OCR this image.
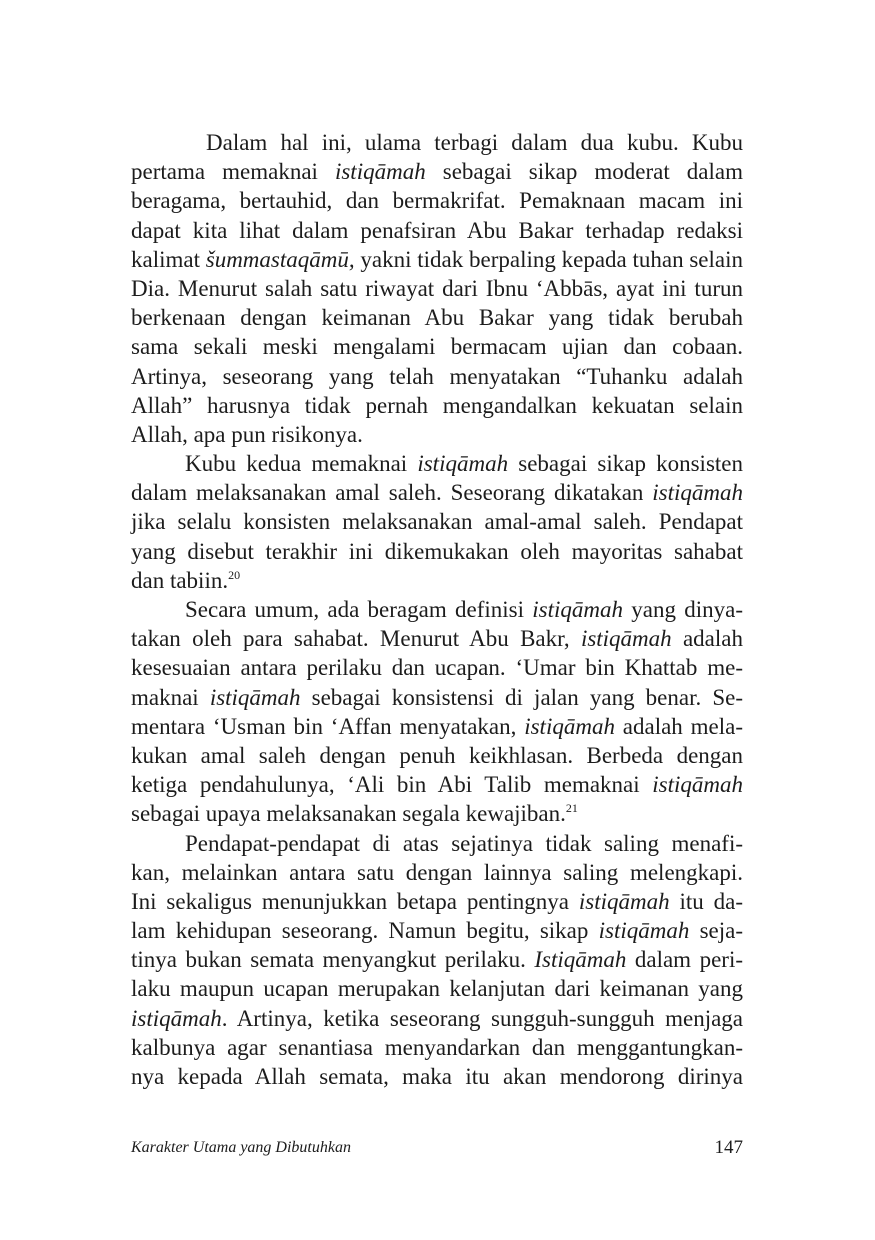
Dalam hal ini, ulama terbagi dalam dua kubu. Kubu
pertama memaknai istiqāmah sebagai sikap moderat dalam
beragama, bertauhid, dan bermakrifat. Pemaknaan macam ini
dapat kita lihat dalam penafsiran Abu Bakar terhadap redaksi
kalimat šummastaqāmū, yakni tidak berpaling kepada tuhan selain
Dia. Menurut salah satu riwayat dari Ibnu ‘Abbās, ayat ini turun
berkenaan dengan keimanan Abu Bakar yang tidak berubah
sama sekali meski mengalami bermacam ujian dan cobaan.
Artinya, seseorang yang telah menyatakan “Tuhanku adalah
Allah” harusnya tidak pernah mengandalkan kekuatan selain
Allah, apa pun risikonya.
Kubu kedua memaknai istiqāmah sebagai sikap konsisten
dalam melaksanakan amal saleh. Seseorang dikatakan istiqāmah
jika selalu konsisten melaksanakan amal-amal saleh. Pendapat
yang disebut terakhir ini dikemukakan oleh mayoritas sahabat
dan tabiin.$^{20}$
Secara umum, ada beragam definisi istiqāmah yang dinya-
takan oleh para sahabat. Menurut Abu Bakr, istiqāmah adalah
kesesuaian antara perilaku dan ucapan. ‘Umar bin Khattab me-
maknai istiqāmah sebagai konsistensi di jalan yang benar. Se-
mentara ‘Usman bin ‘Affan menyatakan, istiqāmah adalah mela-
kukan amal saleh dengan penuh keikhlasan. Berbeda dengan
ketiga pendahulunya, ‘Ali bin Abi Talib memaknai istiqāmah
sebagai upaya melaksanakan segala kewajiban.$^{21}$
Pendapat-pendapat di atas sejatinya tidak saling menafi-
kan, melainkan antara satu dengan lainnya saling melengkapi.
Ini sekaligus menunjukkan betapa pentingnya istiqāmah itu da-
lam kehidupan seseorang. Namun begitu, sikap istiqāmah seja-
tinya bukan semata menyangkut perilaku. Istiqāmah dalam peri-
laku maupun ucapan merupakan kelanjutan dari keimanan yang
istiqāmah. Artinya, ketika seseorang sungguh-sungguh menjaga
kalbunya agar senantiasa menyandarkan dan menggantungkan-
nya kepada Allah semata, maka itu akan mendorong dirinya
Karakter Utama yang Dibutuhkan	147
